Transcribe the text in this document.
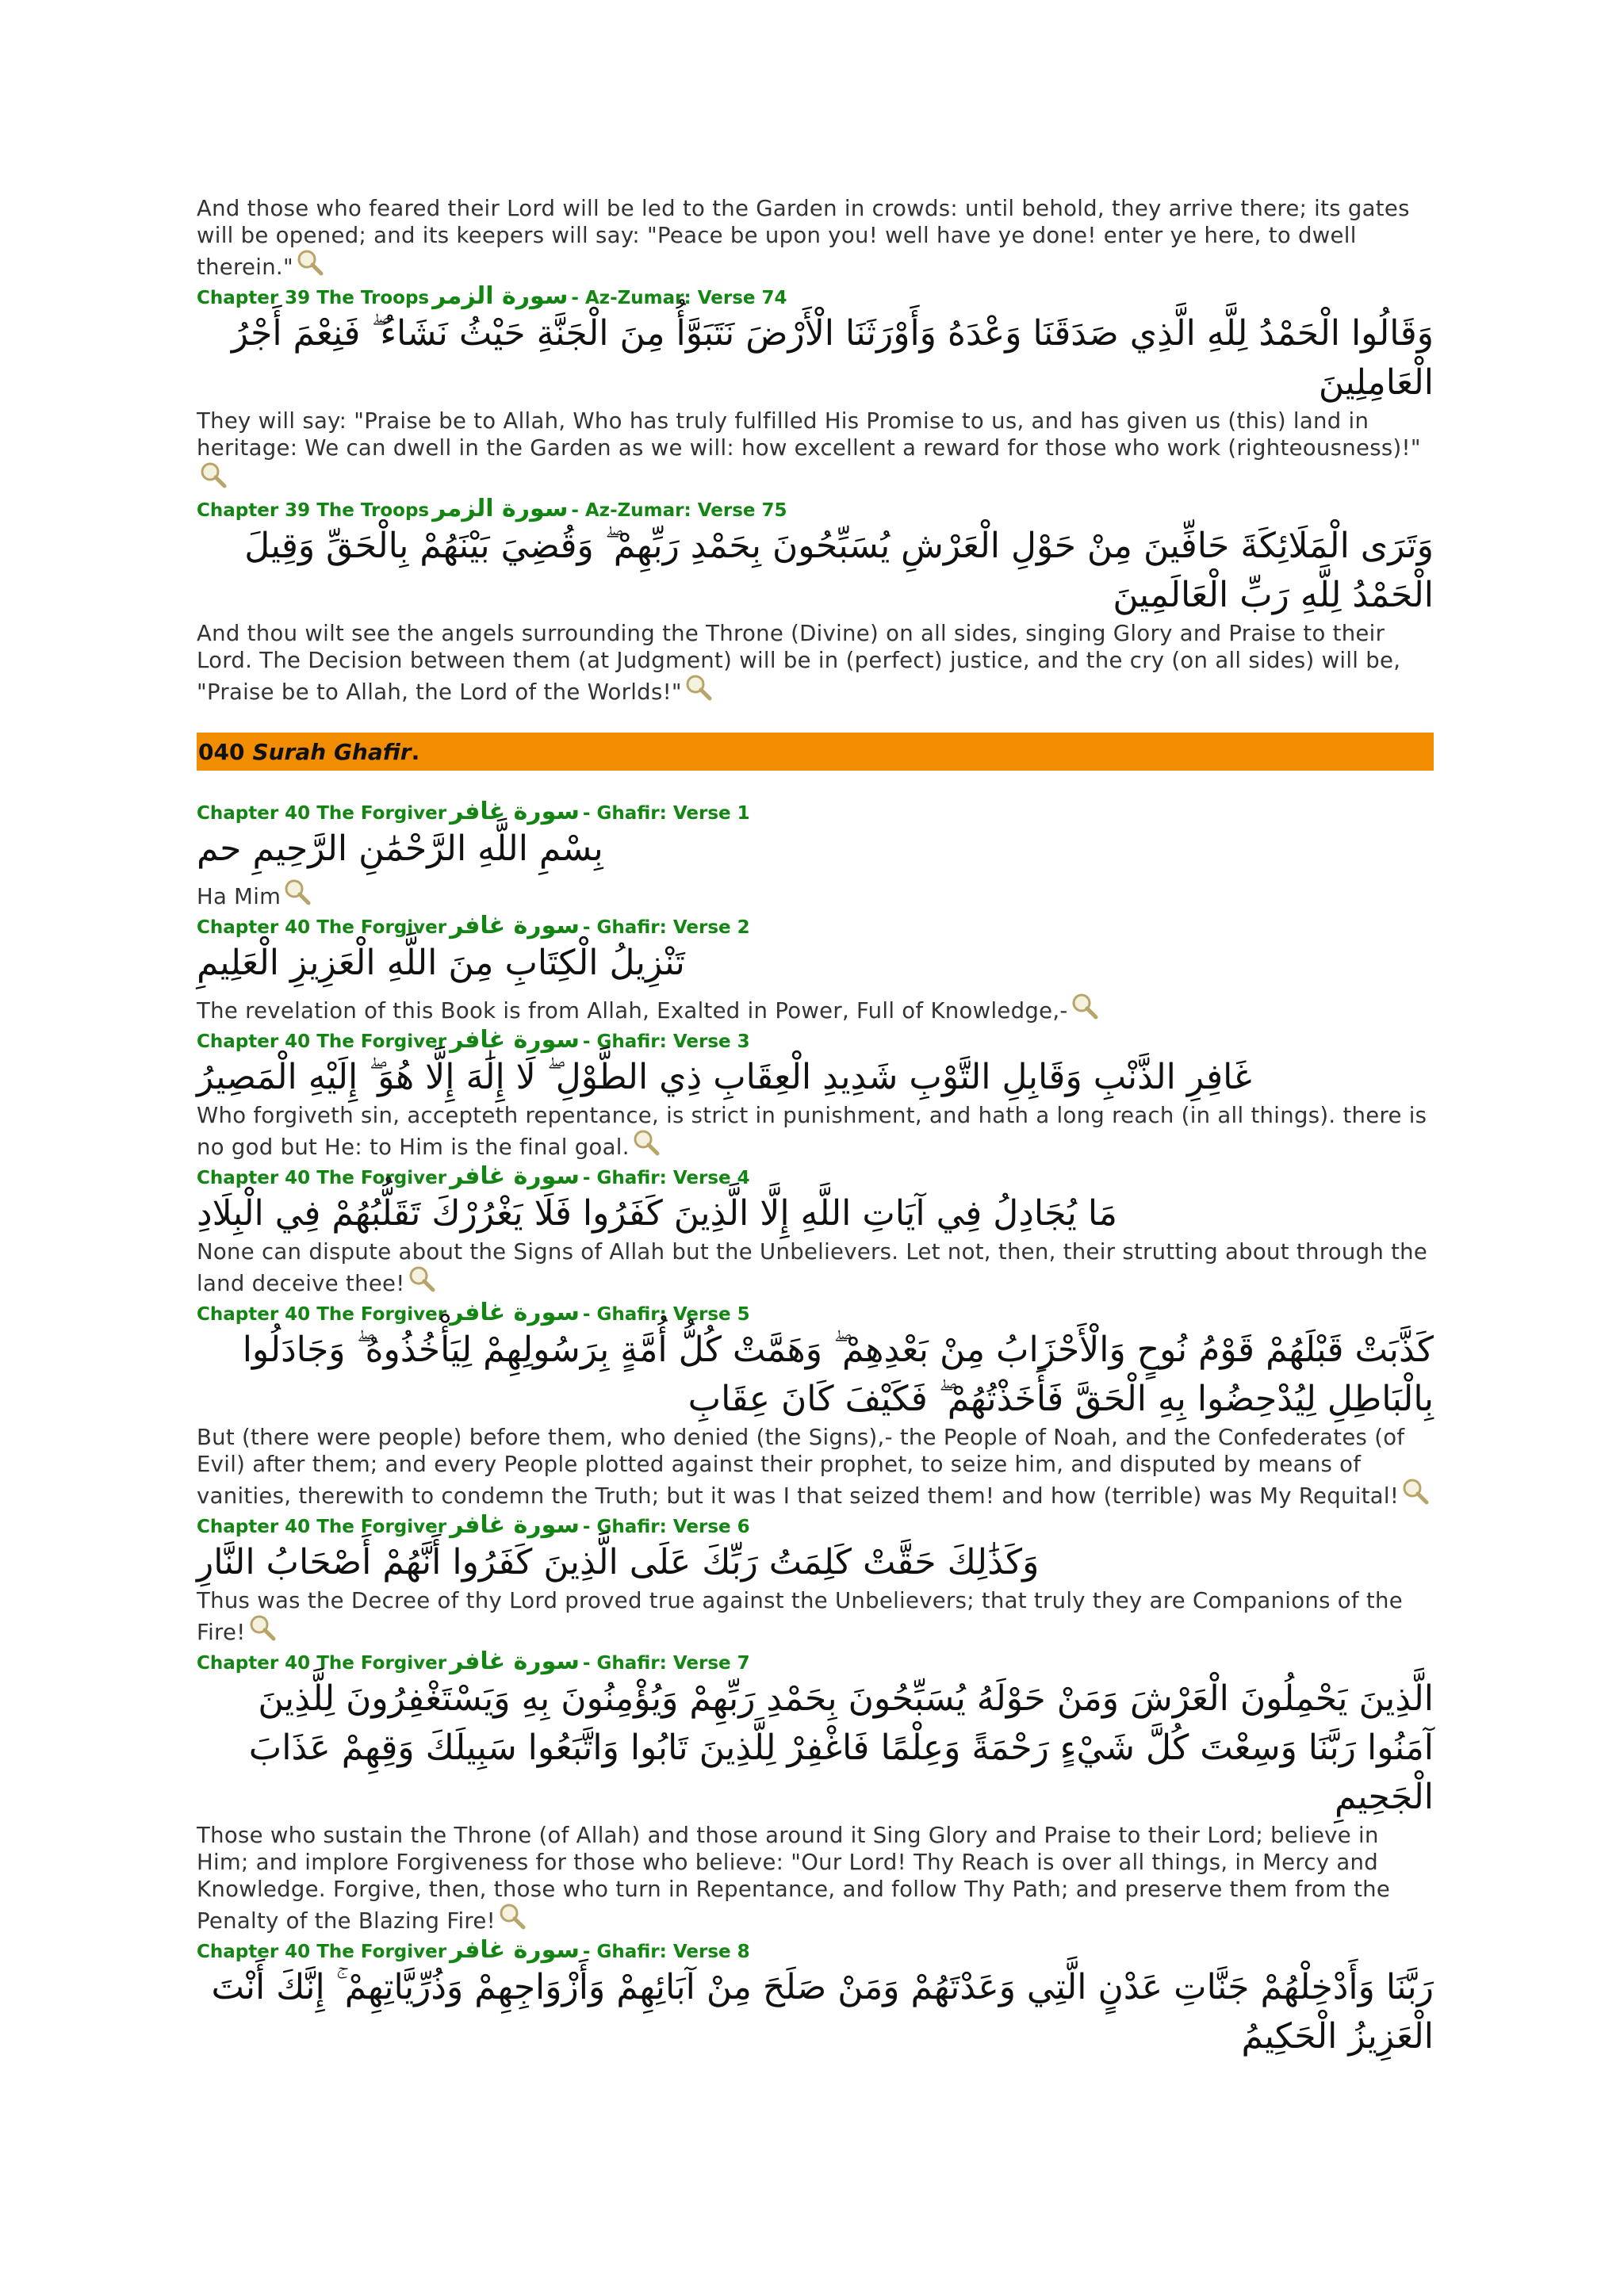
And those who feared their Lord will be led to the Garden in crowds: until behold, they arrive there; its gates will be opened; and its keepers will say: "Peace be upon you! well have ye done! enter ye here, to dwell therein."
Chapter 39 The Troops سورة الزمر - Az-Zumar: Verse 74
وَقَالُوا الْحَمْدُ لِلَّهِ الَّذِي صَدَقَنَا وَعْدَهُ وَأَوْرَثَنَا الْأَرْضَ نَتَبَوَّأُ مِنَ الْجَنَّةِ حَيْثُ نَشَاءُ ۖ فَنِعْمَ أَجْرُ الْعَامِلِينَ
They will say: "Praise be to Allah, Who has truly fulfilled His Promise to us, and has given us (this) land in heritage: We can dwell in the Garden as we will: how excellent a reward for those who work (righteousness)!"
Chapter 39 The Troops سورة الزمر - Az-Zumar: Verse 75
وَتَرَى الْمَلَائِكَةَ حَافِّينَ مِنْ حَوْلِ الْعَرْشِ يُسَبِّحُونَ بِحَمْدِ رَبِّهِمْ ۖ وَقُضِيَ بَيْنَهُمْ بِالْحَقِّ وَقِيلَ الْحَمْدُ لِلَّهِ رَبِّ الْعَالَمِينَ
And thou wilt see the angels surrounding the Throne (Divine) on all sides, singing Glory and Praise to their Lord. The Decision between them (at Judgment) will be in (perfect) justice, and the cry (on all sides) will be, "Praise be to Allah, the Lord of the Worlds!"
040 Surah Ghafir .
Chapter 40 The Forgiver سورة غافر - Ghafir: Verse 1
بِسْمِ اللَّهِ الرَّحْمَٰنِ الرَّحِيمِ حم
Ha Mim
Chapter 40 The Forgiver سورة غافر - Ghafir: Verse 2
تَنْزِيلُ الْكِتَابِ مِنَ اللَّهِ الْعَزِيزِ الْعَلِيمِ
The revelation of this Book is from Allah, Exalted in Power, Full of Knowledge,-
Chapter 40 The Forgiver سورة غافر - Ghafir: Verse 3
غَافِرِ الذَّنْبِ وَقَابِلِ التَّوْبِ شَدِيدِ الْعِقَابِ ذِي الطَّوْلِ ۖ لَا إِلَٰهَ إِلَّا هُوَ ۖ إِلَيْهِ الْمَصِيرُ
Who forgiveth sin, accepteth repentance, is strict in punishment, and hath a long reach (in all things). there is no god but He: to Him is the final goal.
Chapter 40 The Forgiver سورة غافر - Ghafir: Verse 4
مَا يُجَادِلُ فِي آيَاتِ اللَّهِ إِلَّا الَّذِينَ كَفَرُوا فَلَا يَغْرُرْكَ تَقَلُّبُهُمْ فِي الْبِلَادِ
None can dispute about the Signs of Allah but the Unbelievers. Let not, then, their strutting about through the land deceive thee!
Chapter 40 The Forgiver سورة غافر - Ghafir: Verse 5
كَذَّبَتْ قَبْلَهُمْ قَوْمُ نُوحٍ وَالْأَحْزَابُ مِنْ بَعْدِهِمْ ۖ وَهَمَّتْ كُلُّ أُمَّةٍ بِرَسُولِهِمْ لِيَأْخُذُوهُ ۖ وَجَادَلُوا بِالْبَاطِلِ لِيُدْحِضُوا بِهِ الْحَقَّ فَأَخَذْتُهُمْ ۖ فَكَيْفَ كَانَ عِقَابِ
But (there were people) before them, who denied (the Signs),- the People of Noah, and the Confederates (of Evil) after them; and every People plotted against their prophet, to seize him, and disputed by means of vanities, therewith to condemn the Truth; but it was I that seized them! and how (terrible) was My Requital!
Chapter 40 The Forgiver سورة غافر - Ghafir: Verse 6
وَكَذَٰلِكَ حَقَّتْ كَلِمَتُ رَبِّكَ عَلَى الَّذِينَ كَفَرُوا أَنَّهُمْ أَصْحَابُ النَّارِ
Thus was the Decree of thy Lord proved true against the Unbelievers; that truly they are Companions of the Fire!
Chapter 40 The Forgiver سورة غافر - Ghafir: Verse 7
الَّذِينَ يَحْمِلُونَ الْعَرْشَ وَمَنْ حَوْلَهُ يُسَبِّحُونَ بِحَمْدِ رَبِّهِمْ وَيُؤْمِنُونَ بِهِ وَيَسْتَغْفِرُونَ لِلَّذِينَ آمَنُوا رَبَّنَا وَسِعْتَ كُلَّ شَيْءٍ رَحْمَةً وَعِلْمًا فَاغْفِرْ لِلَّذِينَ تَابُوا وَاتَّبَعُوا سَبِيلَكَ وَقِهِمْ عَذَابَ الْجَحِيمِ
Those who sustain the Throne (of Allah) and those around it Sing Glory and Praise to their Lord; believe in Him; and implore Forgiveness for those who believe: "Our Lord! Thy Reach is over all things, in Mercy and Knowledge. Forgive, then, those who turn in Repentance, and follow Thy Path; and preserve them from the Penalty of the Blazing Fire!
Chapter 40 The Forgiver سورة غافر - Ghafir: Verse 8
رَبَّنَا وَأَدْخِلْهُمْ جَنَّاتِ عَدْنٍ الَّتِي وَعَدْتَهُمْ وَمَنْ صَلَحَ مِنْ آبَائِهِمْ وَأَزْوَاجِهِمْ وَذُرِّيَّاتِهِمْ ۚ إِنَّكَ أَنْتَ الْعَزِيزُ الْحَكِيمُ
